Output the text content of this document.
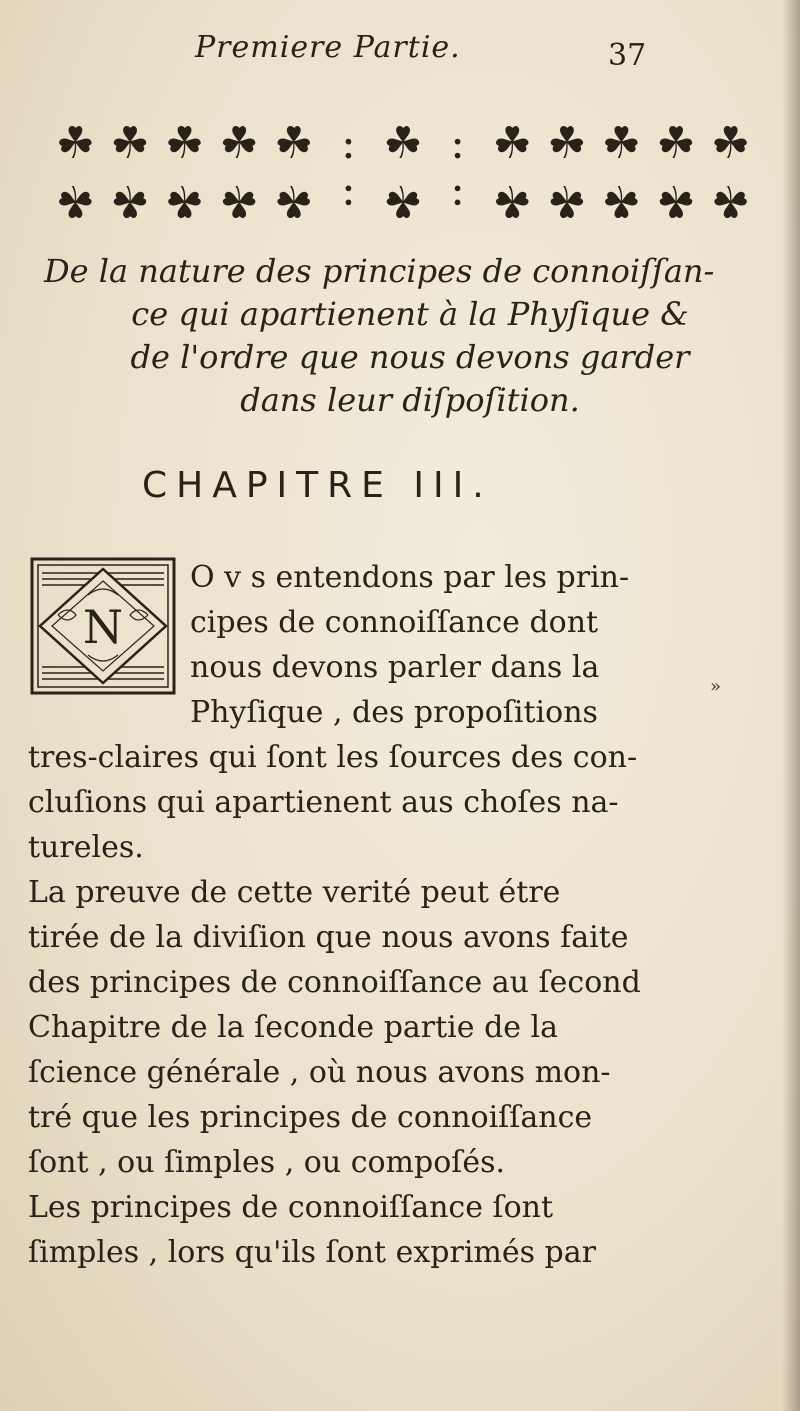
Premiere Partie.	37
☘ ☘ ☘ ☘ ☘ : ☘ : ☘ ☘ ☘ ☘ ☘
☘ ☘ ☘ ☘ ☘ : ☘ : ☘ ☘ ☘ ☘ ☘
De la nature des principes de connoiſſan-
ce qui apartienent à la Phyſique &
de l'ordre que nous devons garder
dans leur diſpoſition.
CHAPITRE III.
N
O v s entendons par les prin-
cipes de connoiſſance dont
nous devons parler dans la
Phyſique , des propoſitions
»
tres-claires qui ſont les ſources des con-
cluſions qui apartienent aus choſes na-
tureles.
La preuve de cette verité peut étre
tirée de la diviſion que nous avons faite
des principes de connoiſſance au ſecond
Chapitre de la ſeconde partie de la
ſcience générale , où nous avons mon-
tré que les principes de connoiſſance
ſont , ou ſimples , ou compoſés.
Les principes de connoiſſance ſont
ſimples , lors qu'ils ſont exprimés par
